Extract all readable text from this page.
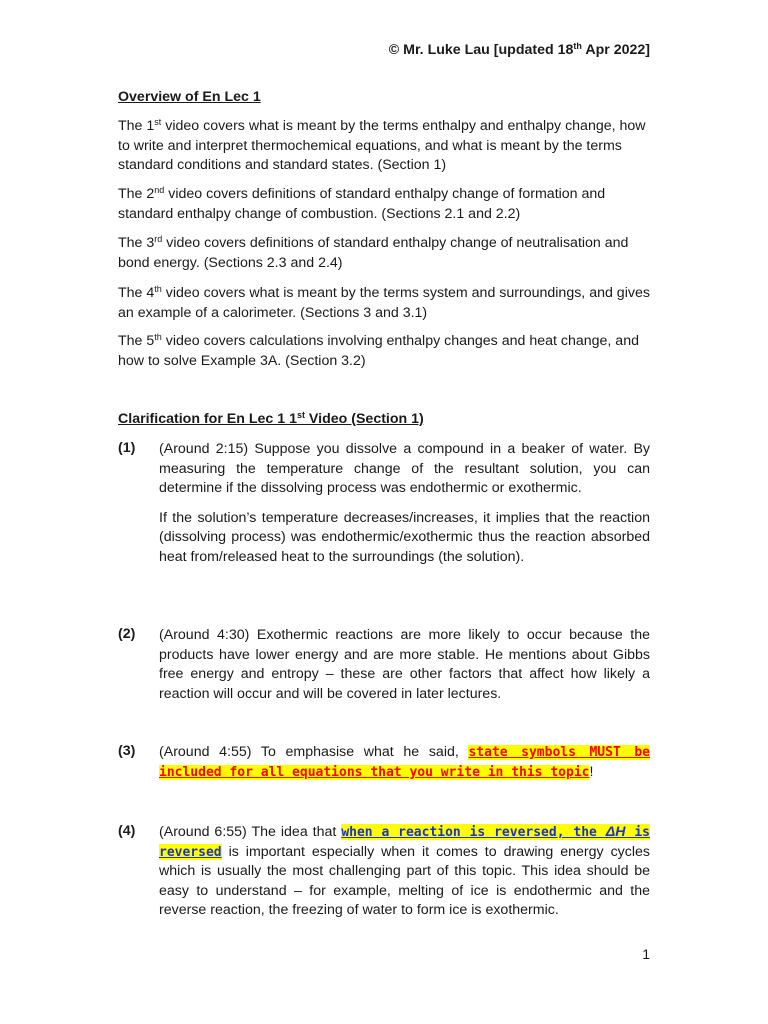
© Mr. Luke Lau [updated 18th Apr 2022]
Overview of En Lec 1
The 1st video covers what is meant by the terms enthalpy and enthalpy change, how to write and interpret thermochemical equations, and what is meant by the terms standard conditions and standard states. (Section 1)
The 2nd video covers definitions of standard enthalpy change of formation and standard enthalpy change of combustion. (Sections 2.1 and 2.2)
The 3rd video covers definitions of standard enthalpy change of neutralisation and bond energy. (Sections 2.3 and 2.4)
The 4th video covers what is meant by the terms system and surroundings, and gives an example of a calorimeter. (Sections 3 and 3.1)
The 5th video covers calculations involving enthalpy changes and heat change, and how to solve Example 3A. (Section 3.2)
Clarification for En Lec 1 1st Video (Section 1)
(1) (Around 2:15) Suppose you dissolve a compound in a beaker of water. By measuring the temperature change of the resultant solution, you can determine if the dissolving process was endothermic or exothermic.

If the solution’s temperature decreases/increases, it implies that the reaction (dissolving process) was endothermic/exothermic thus the reaction absorbed heat from/released heat to the surroundings (the solution).

(2) (Around 4:30) Exothermic reactions are more likely to occur because the products have lower energy and are more stable. He mentions about Gibbs free energy and entropy – these are other factors that affect how likely a reaction will occur and will be covered in later lectures.

(3) (Around 4:55) To emphasise what he said, state symbols MUST be included for all equations that you write in this topic!

(4) (Around 6:55) The idea that when a reaction is reversed, the ΔH is reversed is important especially when it comes to drawing energy cycles which is usually the most challenging part of this topic. This idea should be easy to understand – for example, melting of ice is endothermic and the reverse reaction, the freezing of water to form ice is exothermic.

1
